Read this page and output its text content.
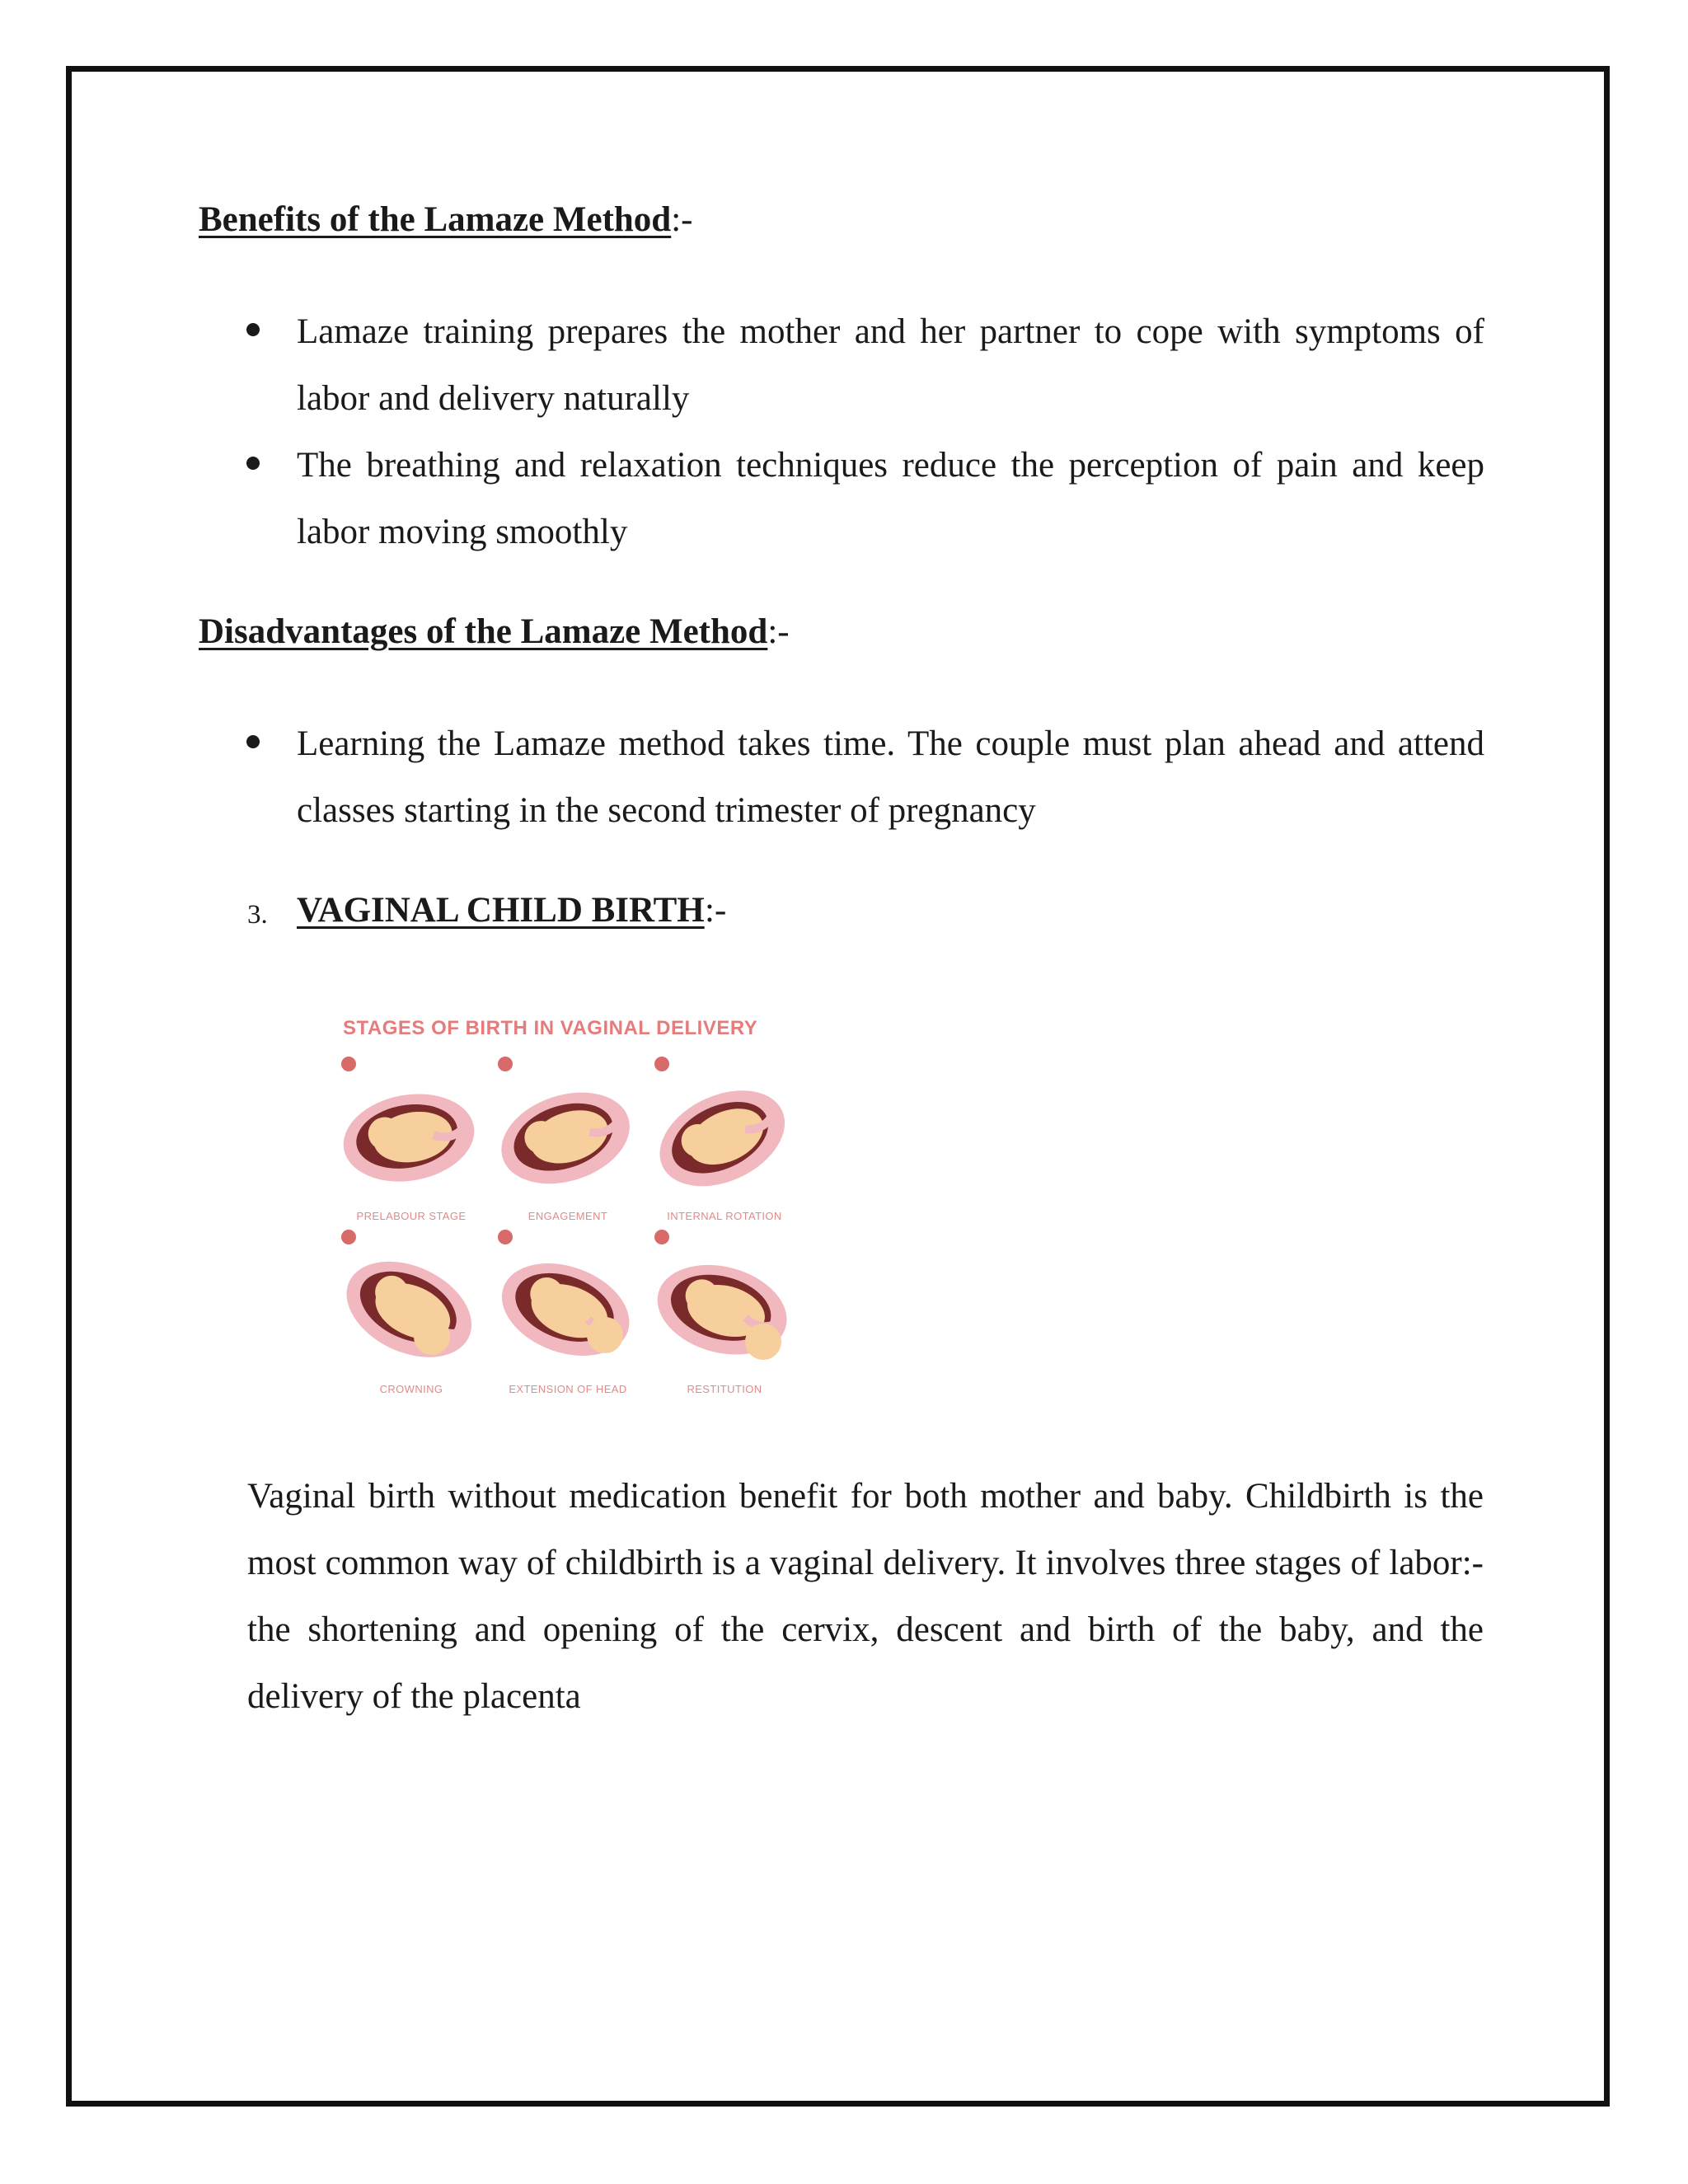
Benefits of the Lamaze Method:-
Lamaze training prepares the mother and her partner to cope with symptoms of labor and delivery naturally
The breathing and relaxation techniques reduce the perception of pain and keep labor moving smoothly
Disadvantages of the Lamaze Method:-
Learning the Lamaze method takes time. The couple must plan ahead and attend classes starting in the second trimester of pregnancy
3. VAGINAL CHILD BIRTH :-
STAGES OF BIRTH IN VAGINAL DELIVERY
PRELABOUR STAGE	ENGAGEMENT	INTERNAL ROTATION
CROWNING	EXTENSION OF HEAD	RESTITUTION

Vaginal birth without medication benefit for both mother and baby. Childbirth is the most common way of childbirth is a vaginal delivery. It involves three stages of labor:- the shortening and opening of the cervix, descent and birth of the baby, and the delivery of the placenta
